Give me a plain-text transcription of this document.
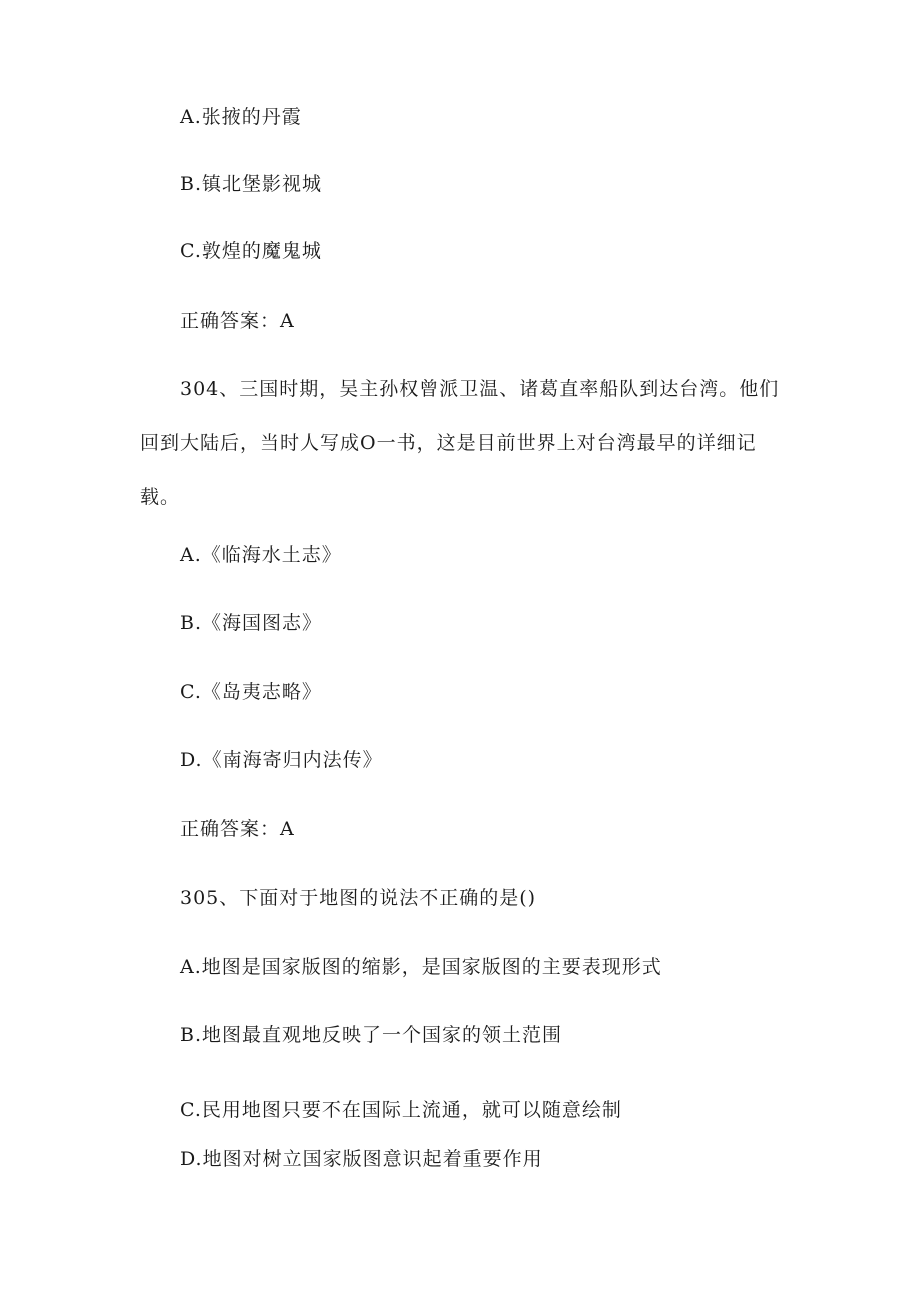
A.张掖的丹霞
B.镇北堡影视城
C.敦煌的魔鬼城
正确答案：A
304、三国时期，吴主孙权曾派卫温、诸葛直率船队到达台湾。他们
回到大陆后，当时人写成O一书，这是目前世界上对台湾最早的详细记
载。
A.《临海水土志》
B.《海国图志》
C.《岛夷志略》
D.《南海寄归内法传》
正确答案：A
305、下面对于地图的说法不正确的是()
A.地图是国家版图的缩影，是国家版图的主要表现形式
B.地图最直观地反映了一个国家的领土范围
C.民用地图只要不在国际上流通，就可以随意绘制
D.地图对树立国家版图意识起着重要作用
